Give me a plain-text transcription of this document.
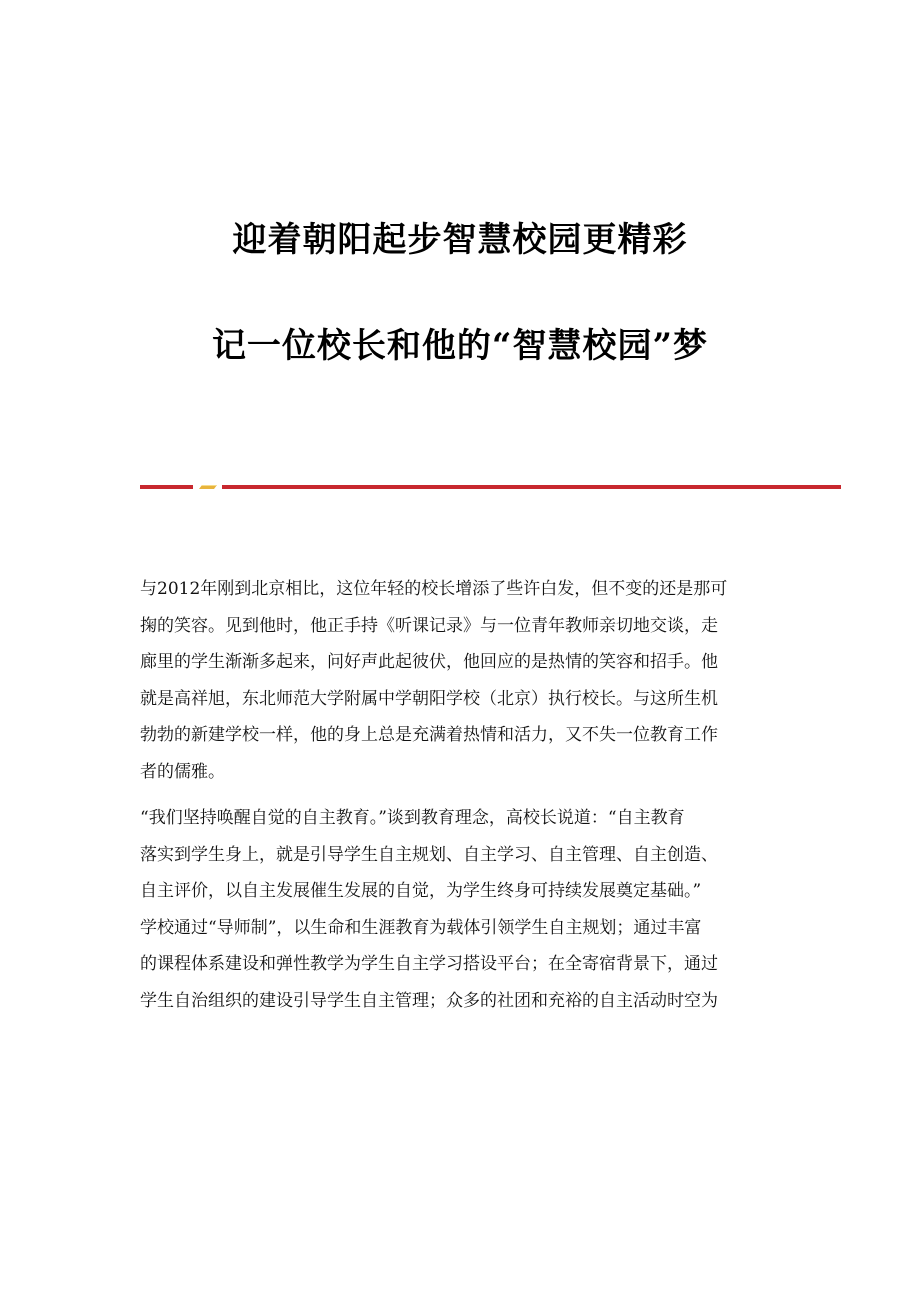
迎着朝阳起步智慧校园更精彩
记一位校长和他的“智慧校园”梦

与2012年刚到北京相比，这位年轻的校长增添了些许白发，但不变的还是那可

掬的笑容。见到他时，他正手持《听课记录》与一位青年教师亲切地交谈，走

廊里的学生渐渐多起来，问好声此起彼伏，他回应的是热情的笑容和招手。他

就是高祥旭，东北师范大学附属中学朝阳学校（北京）执行校长。与这所生机

勃勃的新建学校一样，他的身上总是充满着热情和活力，又不失一位教育工作

者的儒雅。

“我们坚持唤醒自觉的自主教育。”谈到教育理念，高校长说道：“自主教育

落实到学生身上，就是引导学生自主规划、自主学习、自主管理、自主创造、

自主评价，以自主发展催生发展的自觉，为学生终身可持续发展奠定基础。”

学校通过“导师制”，以生命和生涯教育为载体引领学生自主规划；通过丰富

的课程体系建设和弹性教学为学生自主学习搭设平台；在全寄宿背景下，通过

学生自治组织的建设引导学生自主管理；众多的社团和充裕的自主活动时空为
